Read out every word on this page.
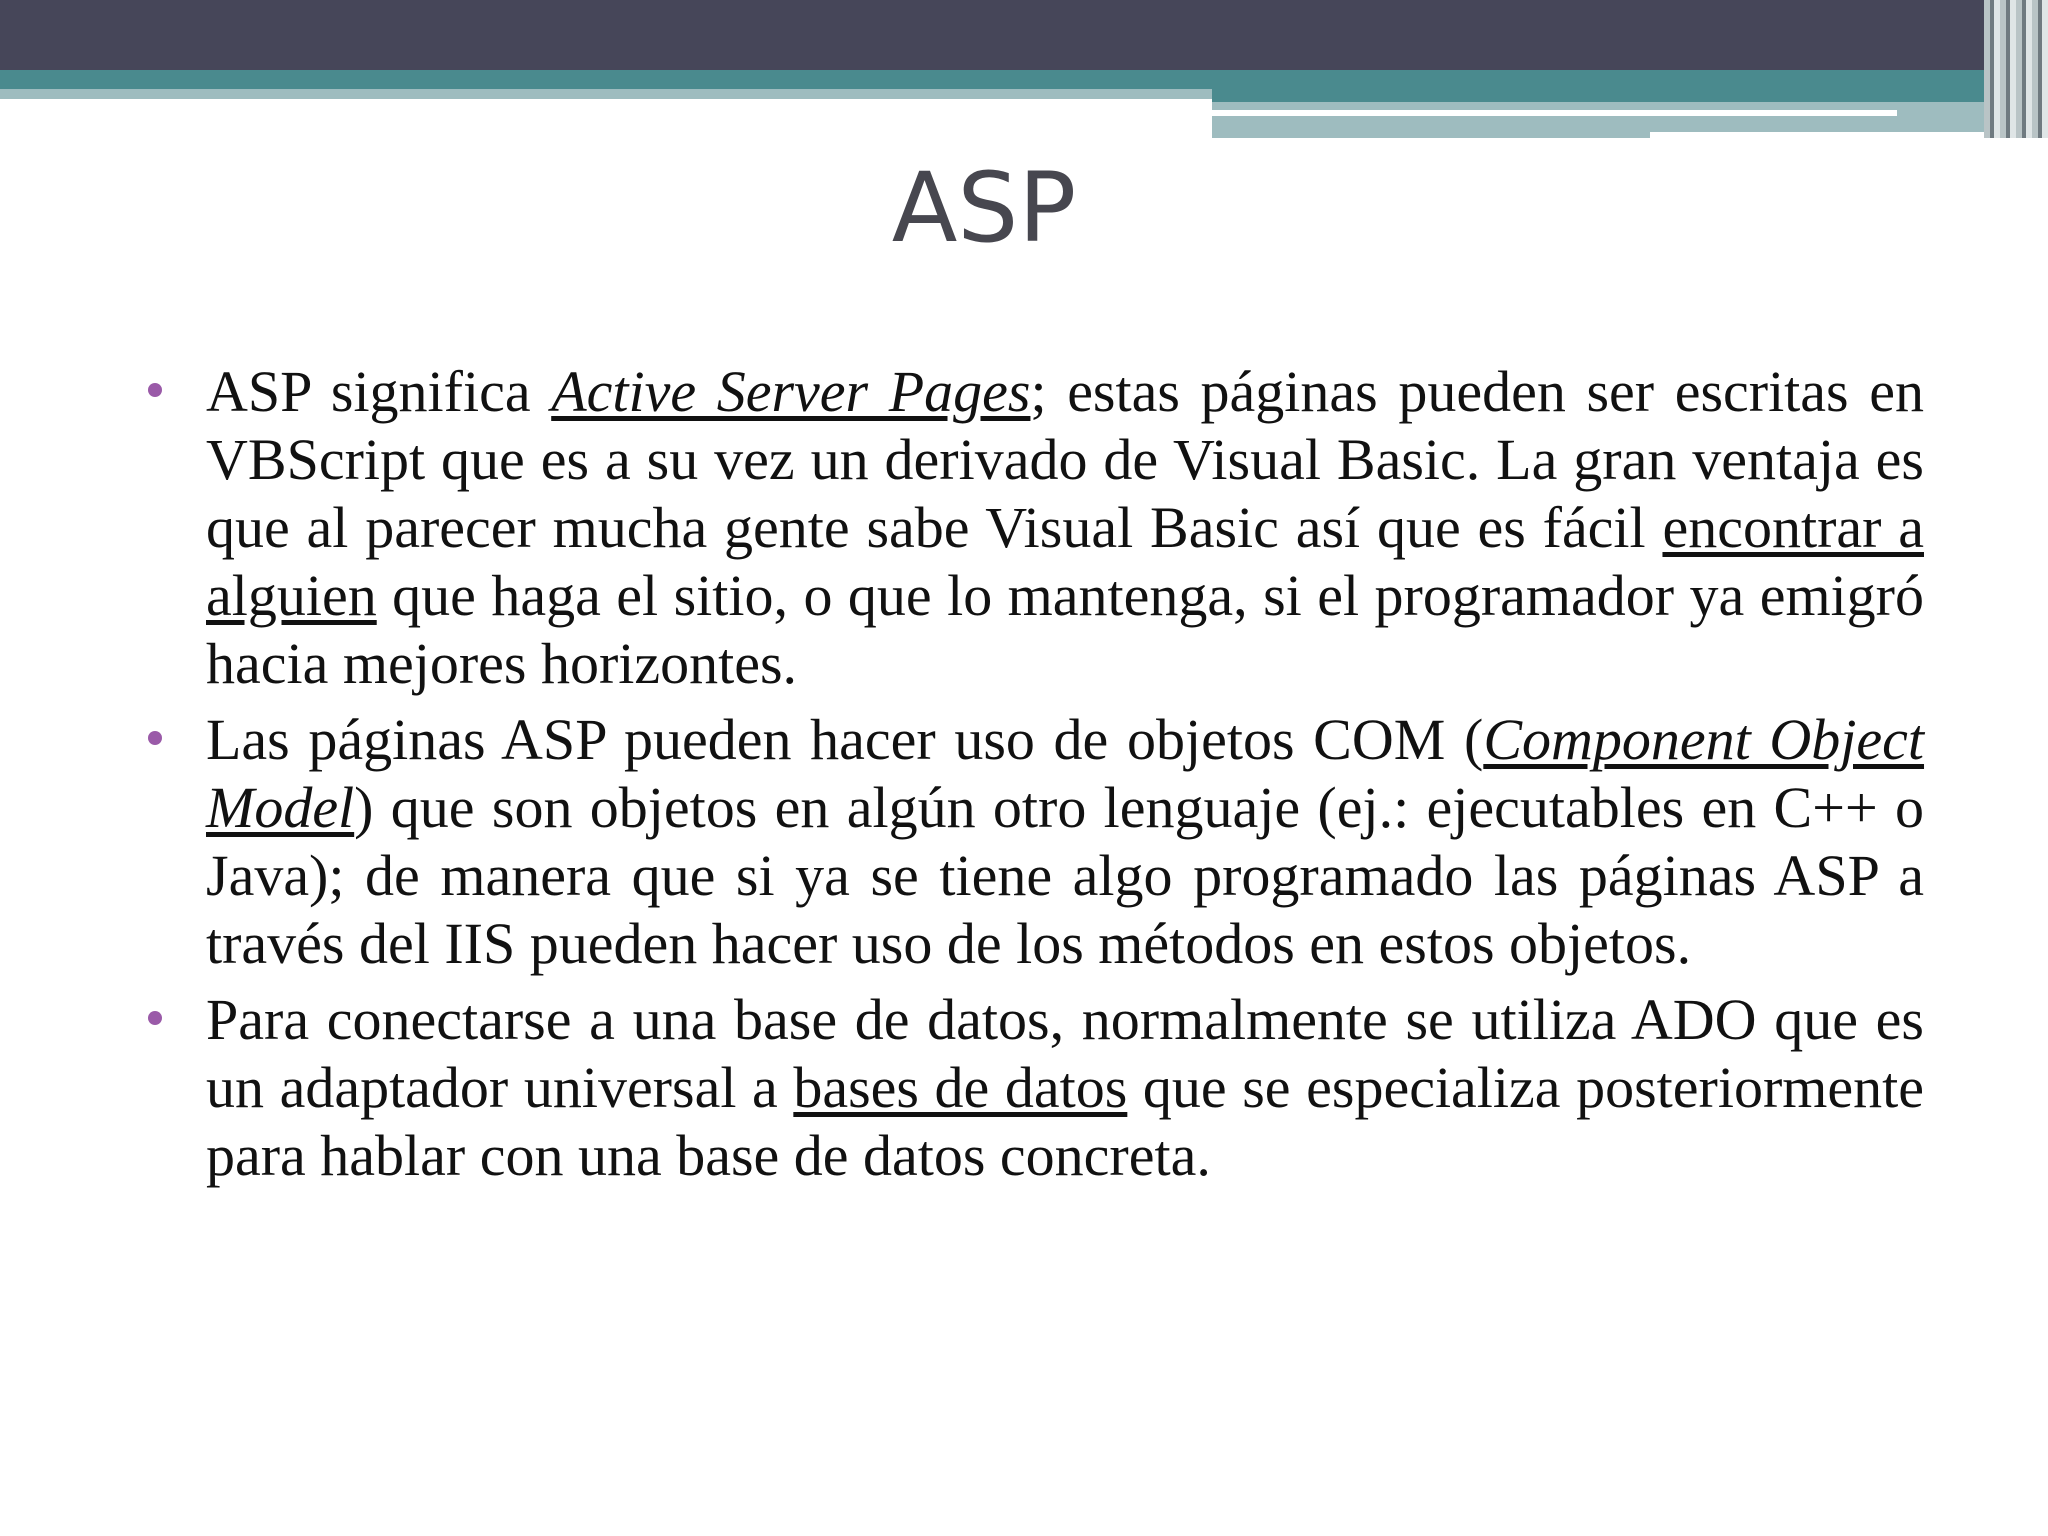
ASP
ASP significa Active Server Pages; estas páginas pueden ser escritas en VBScript que es a su vez un derivado de Visual Basic. La gran ventaja es que al parecer mucha gente sabe Visual Basic así que es fácil encontrar a alguien que haga el sitio, o que lo mantenga, si el programador ya emigró hacia mejores horizontes.
Las páginas ASP pueden hacer uso de objetos COM (Component Object Model) que son objetos en algún otro lenguaje (ej.: ejecutables en C++ o Java); de manera que si ya se tiene algo programado las páginas ASP a través del IIS pueden hacer uso de los métodos en estos objetos.
Para conectarse a una base de datos, normalmente se utiliza ADO que es un adaptador universal a bases de datos que se especializa posteriormente para hablar con una base de datos concreta.
